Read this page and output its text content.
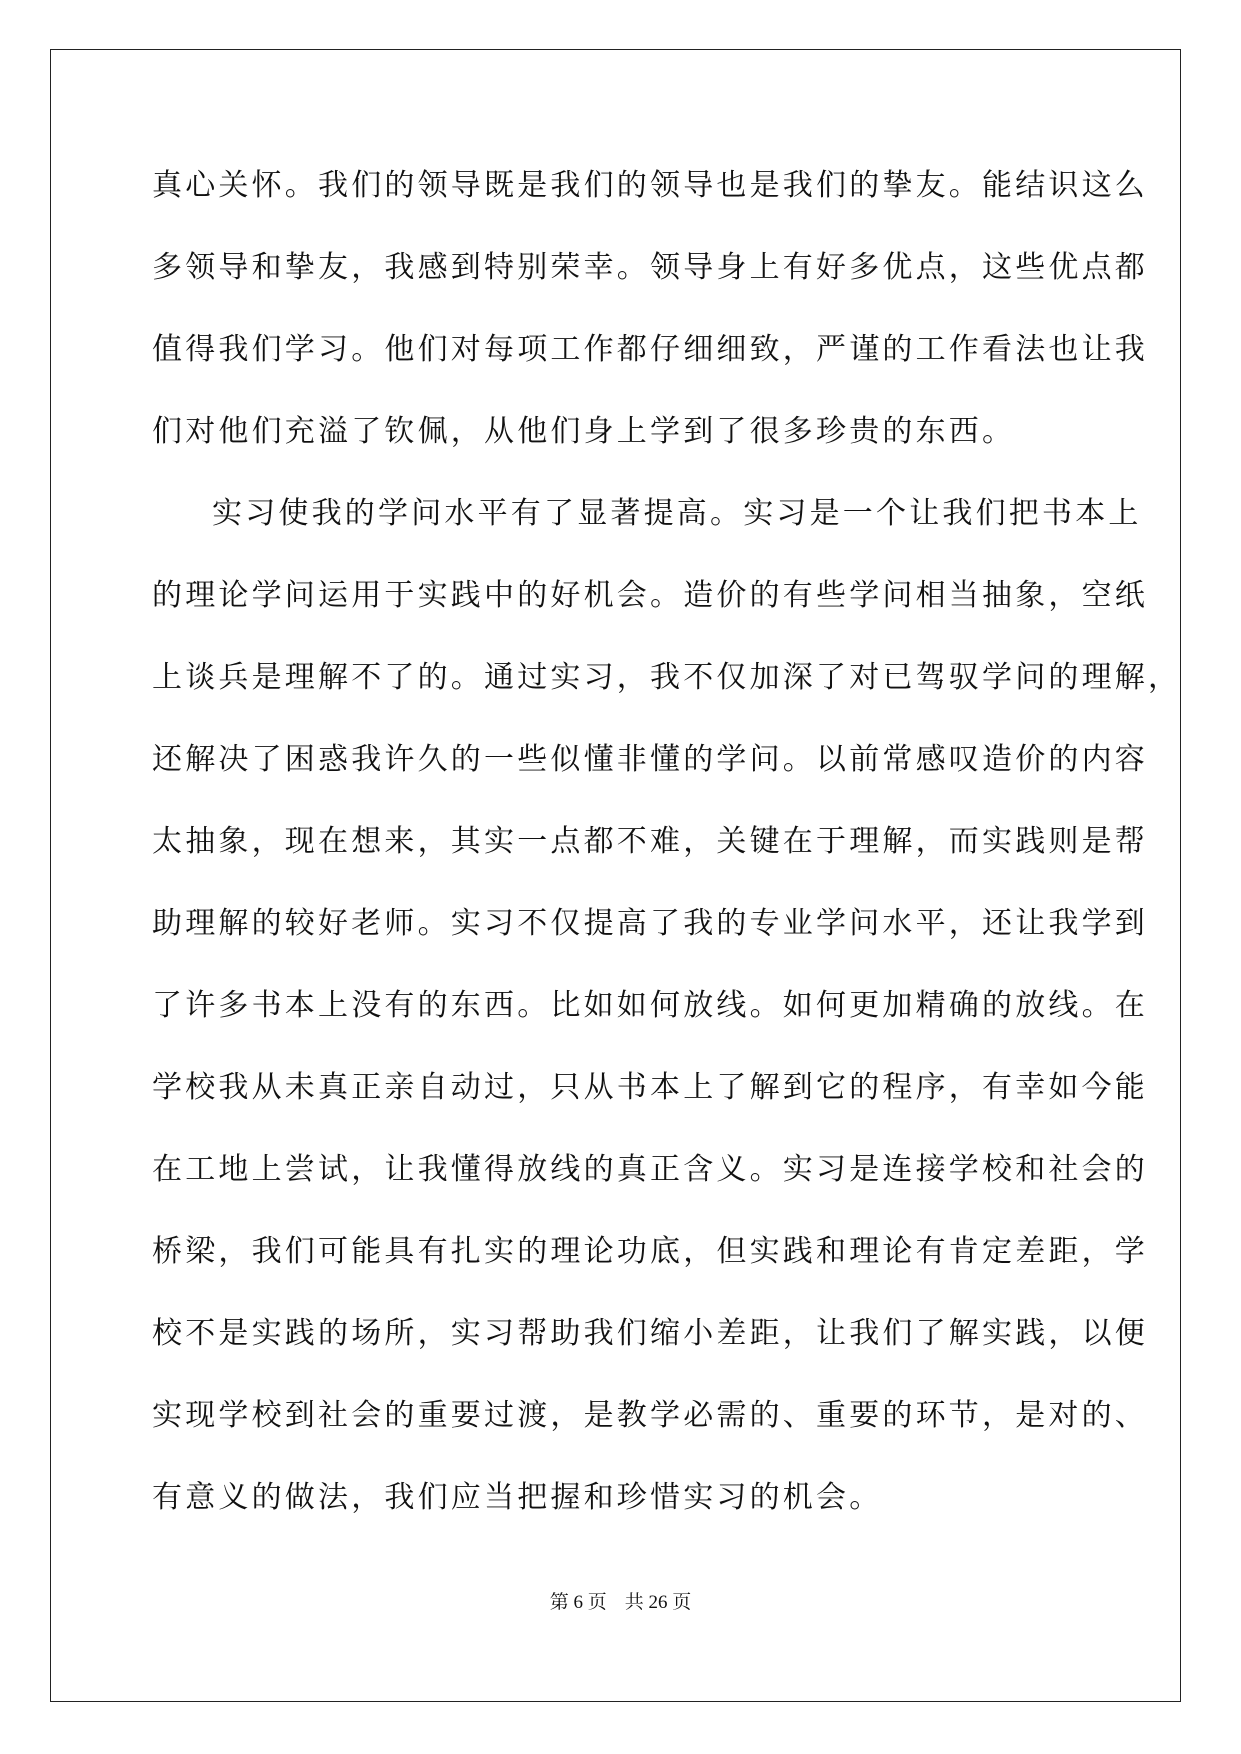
真心关怀。我们的领导既是我们的领导也是我们的挚友。能结识这么
多领导和挚友，我感到特别荣幸。领导身上有好多优点，这些优点都
值得我们学习。他们对每项工作都仔细细致，严谨的工作看法也让我
们对他们充溢了钦佩，从他们身上学到了很多珍贵的东西。
实习使我的学问水平有了显著提高。实习是一个让我们把书本上
的理论学问运用于实践中的好机会。造价的有些学问相当抽象，空纸
上谈兵是理解不了的。通过实习，我不仅加深了对已驾驭学问的理解，
还解决了困惑我许久的一些似懂非懂的学问。以前常感叹造价的内容
太抽象，现在想来，其实一点都不难，关键在于理解，而实践则是帮
助理解的较好老师。实习不仅提高了我的专业学问水平，还让我学到
了许多书本上没有的东西。比如如何放线。如何更加精确的放线。在
学校我从未真正亲自动过，只从书本上了解到它的程序，有幸如今能
在工地上尝试，让我懂得放线的真正含义。实习是连接学校和社会的
桥梁，我们可能具有扎实的理论功底，但实践和理论有肯定差距，学
校不是实践的场所，实习帮助我们缩小差距，让我们了解实践，以便
实现学校到社会的重要过渡，是教学必需的、重要的环节，是对的、
有意义的做法，我们应当把握和珍惜实习的机会。
第 6 页 共 26 页
